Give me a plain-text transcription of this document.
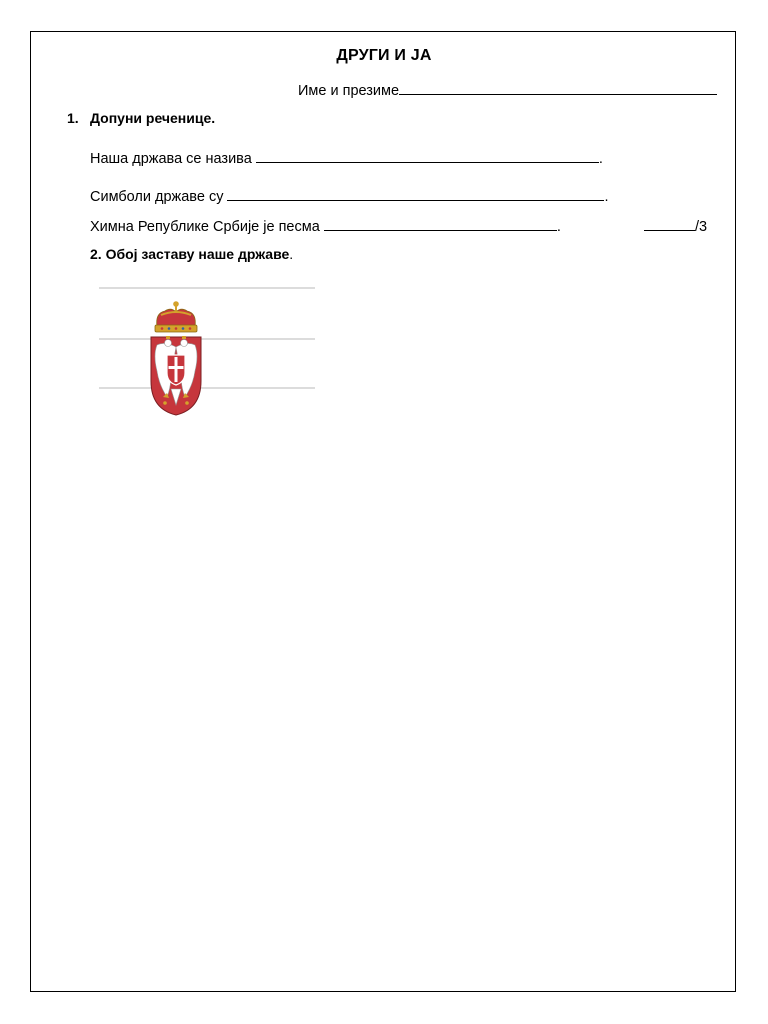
ДРУГИ И ЈА
Име и презиме
1. Допуни реченице.
Наша држава се назива	.
Симболи државе су	.
Химна Републике Србије је песма	.	/3
2. Обој заставу наше државе.
